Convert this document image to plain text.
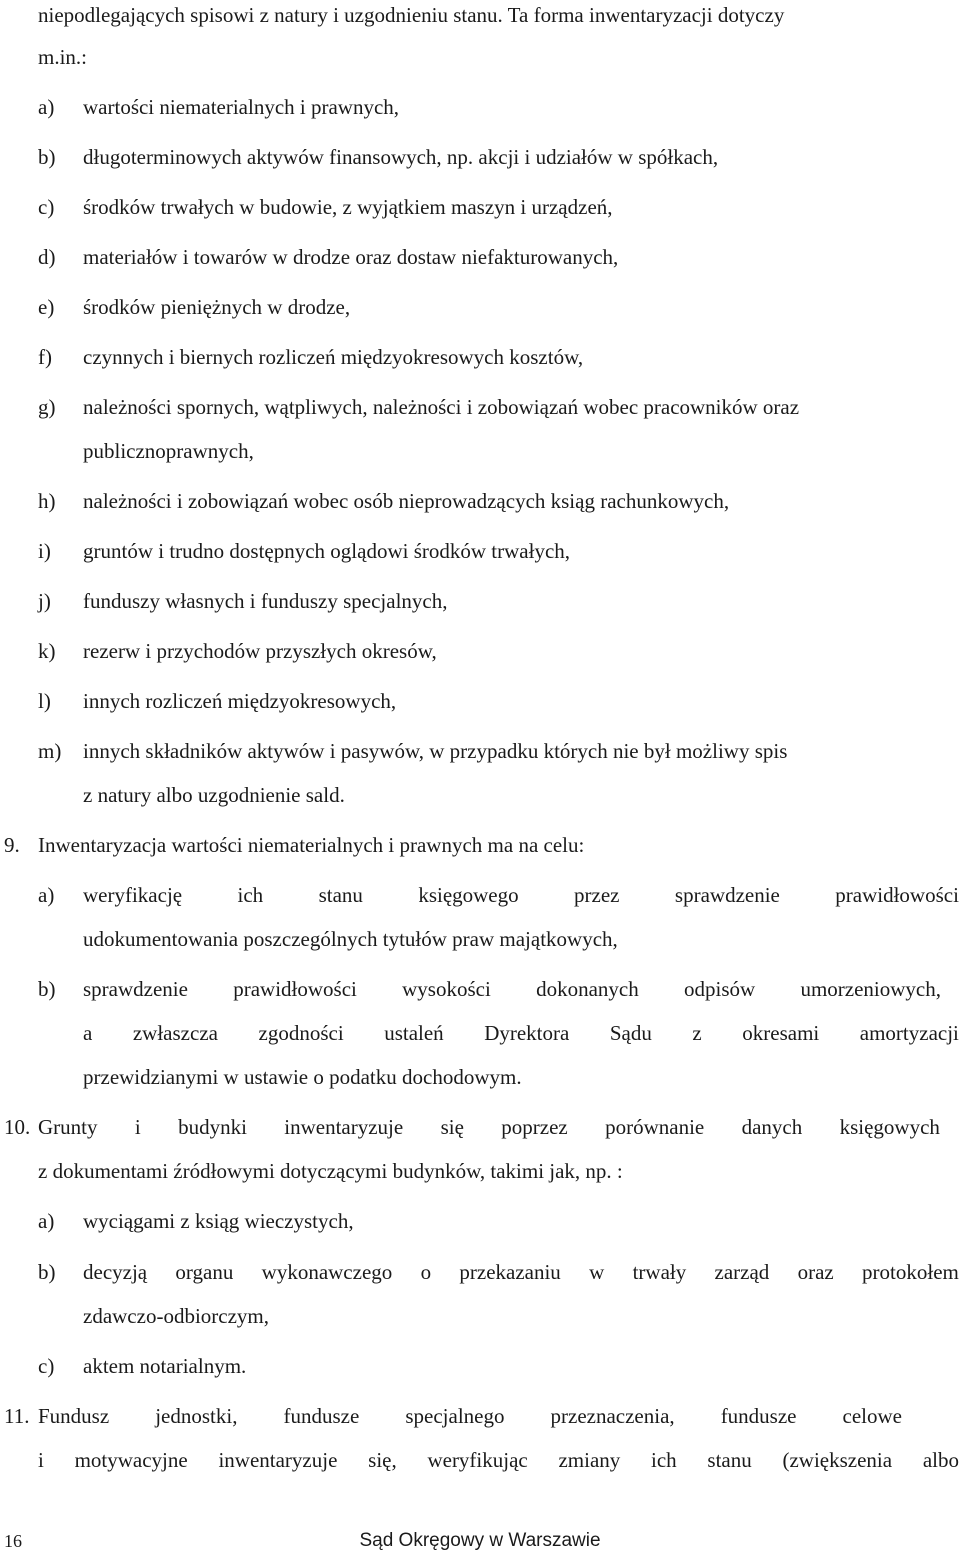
niepodlegających spisowi z natury i uzgodnieniu stanu. Ta forma inwentaryzacji dotyczy
m.in.:
a) wartości niematerialnych i prawnych,
b) długoterminowych aktywów finansowych, np. akcji i udziałów w spółkach,
c) środków trwałych w budowie, z wyjątkiem maszyn i urządzeń,
d) materiałów i towarów w drodze oraz dostaw niefakturowanych,
e) środków pieniężnych w drodze,
f) czynnych i biernych rozliczeń międzyokresowych kosztów,
g) należności spornych, wątpliwych, należności i zobowiązań wobec pracowników oraz
publicznoprawnych,
h) należności i zobowiązań wobec osób nieprowadzących ksiąg rachunkowych,
i) gruntów i trudno dostępnych oglądowi środków trwałych,
j) funduszy własnych i funduszy specjalnych,
k) rezerw i przychodów przyszłych okresów,
l) innych rozliczeń międzyokresowych,
m) innych składników aktywów i pasywów, w przypadku których nie był możliwy spis
z natury albo uzgodnienie sald.
9. Inwentaryzacja wartości niematerialnych i prawnych ma na celu:
a) weryfikację	ich	stanu	księgowego	przez	sprawdzenie	prawidłowości
udokumentowania poszczególnych tytułów praw majątkowych,
b) sprawdzenie prawidłowości wysokości dokonanych odpisów umorzeniowych,
a zwłaszcza zgodności ustaleń Dyrektora Sądu z okresami amortyzacji
przewidzianymi w ustawie o podatku dochodowym.
10. Grunty i budynki inwentaryzuje się poprzez porównanie danych księgowych
z dokumentami źródłowymi dotyczącymi budynków, takimi jak, np. :
a) wyciągami z ksiąg wieczystych,
b) decyzją organu wykonawczego o przekazaniu w trwały zarząd oraz protokołem
zdawczo-odbiorczym,
c) aktem notarialnym.
11. Fundusz jednostki, fundusze specjalnego przeznaczenia, fundusze celowe
i motywacyjne inwentaryzuje się, weryfikując zmiany ich stanu (zwiększenia albo
16	Sąd Okręgowy w Warszawie
